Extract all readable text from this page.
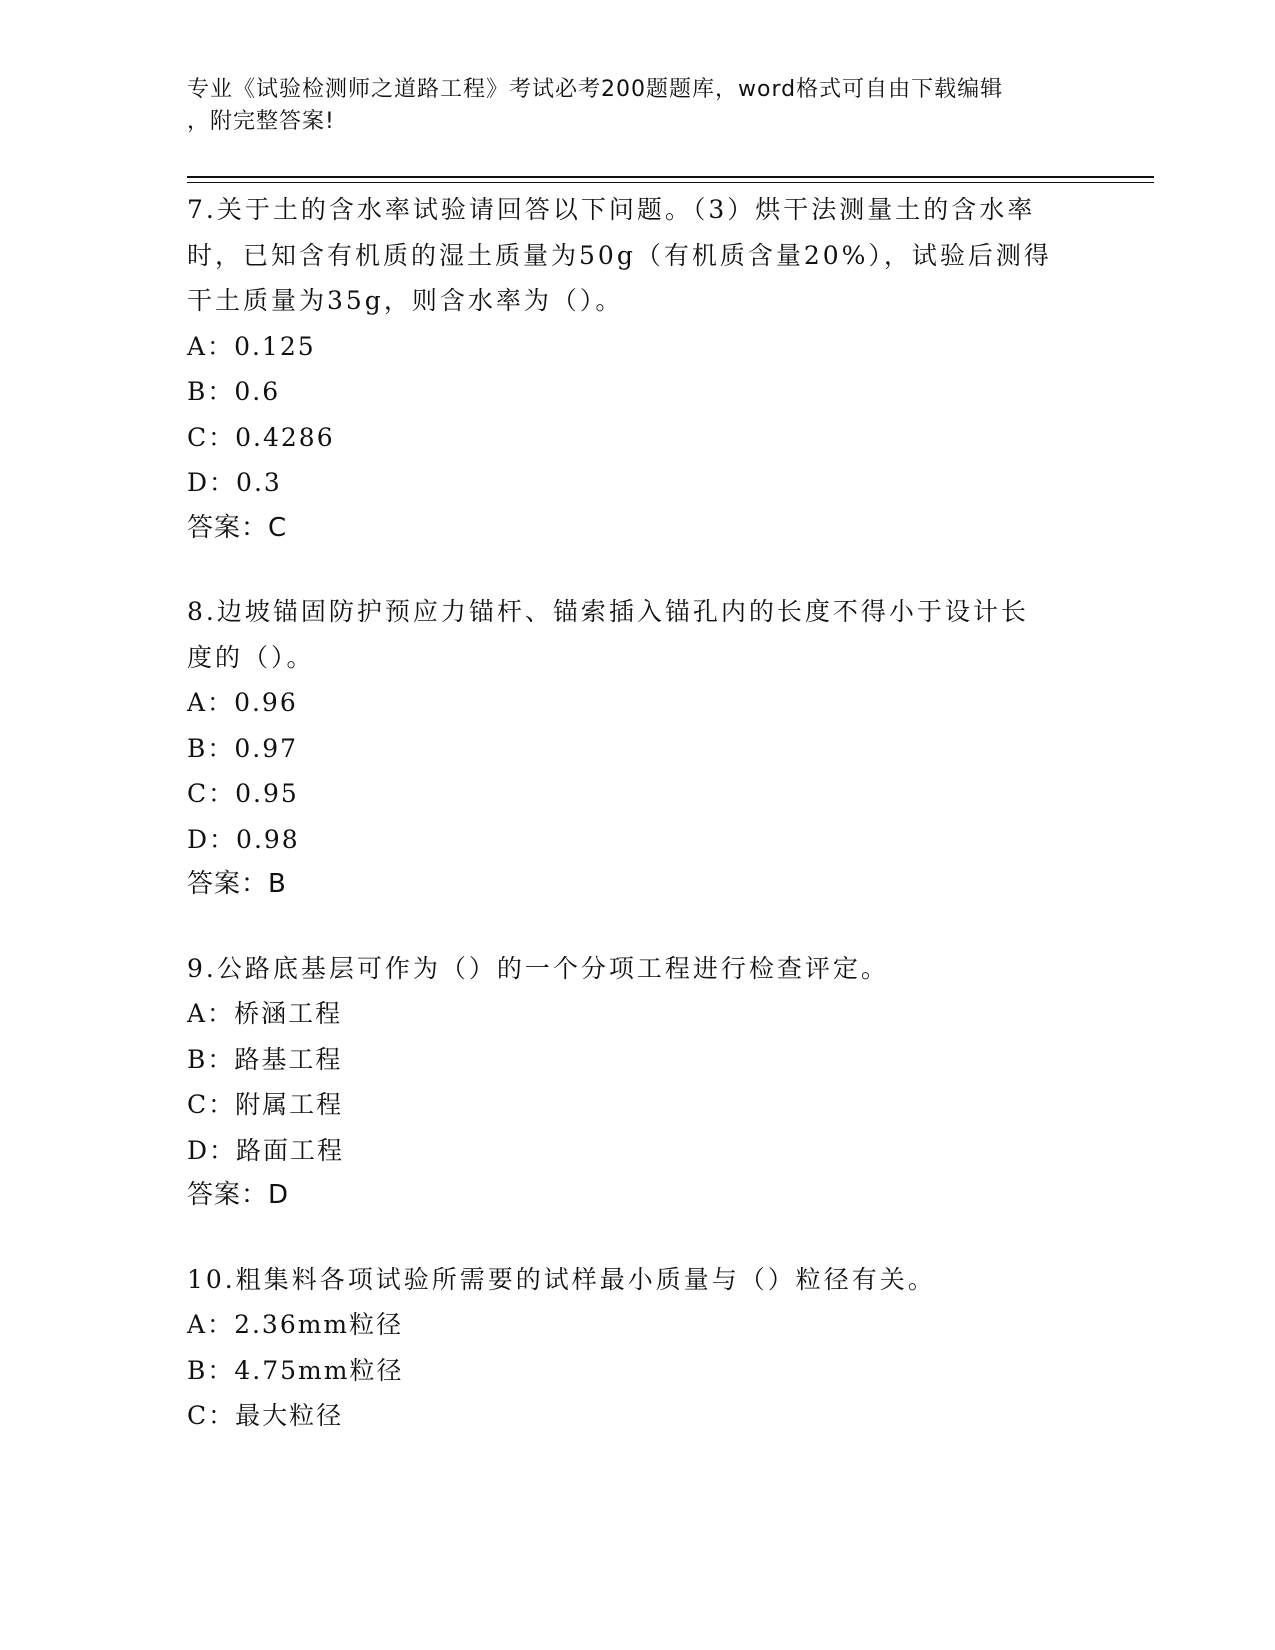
专业《试验检测师之道路工程》考试必考200题题库，word格式可自由下载编辑
，附完整答案!

7.关于土的含水率试验请回答以下问题。（3）烘干法测量土的含水率

时，已知含有机质的湿土质量为50g（有机质含量20%），试验后测得

干土质量为35g，则含水率为（）。

A：0.125
B：0.6
C：0.4286
D：0.3
答案：C

8.边坡锚固防护预应力锚杆、锚索插入锚孔内的长度不得小于设计长

度的（）。

A：0.96
B：0.97
C：0.95
D：0.98
答案：B

9.公路底基层可作为（）的一个分项工程进行检查评定。

A：桥涵工程
B：路基工程
C：附属工程
D：路面工程
答案：D

10.粗集料各项试验所需要的试样最小质量与（）粒径有关。

A：2.36mm粒径
B：4.75mm粒径
C：最大粒径
